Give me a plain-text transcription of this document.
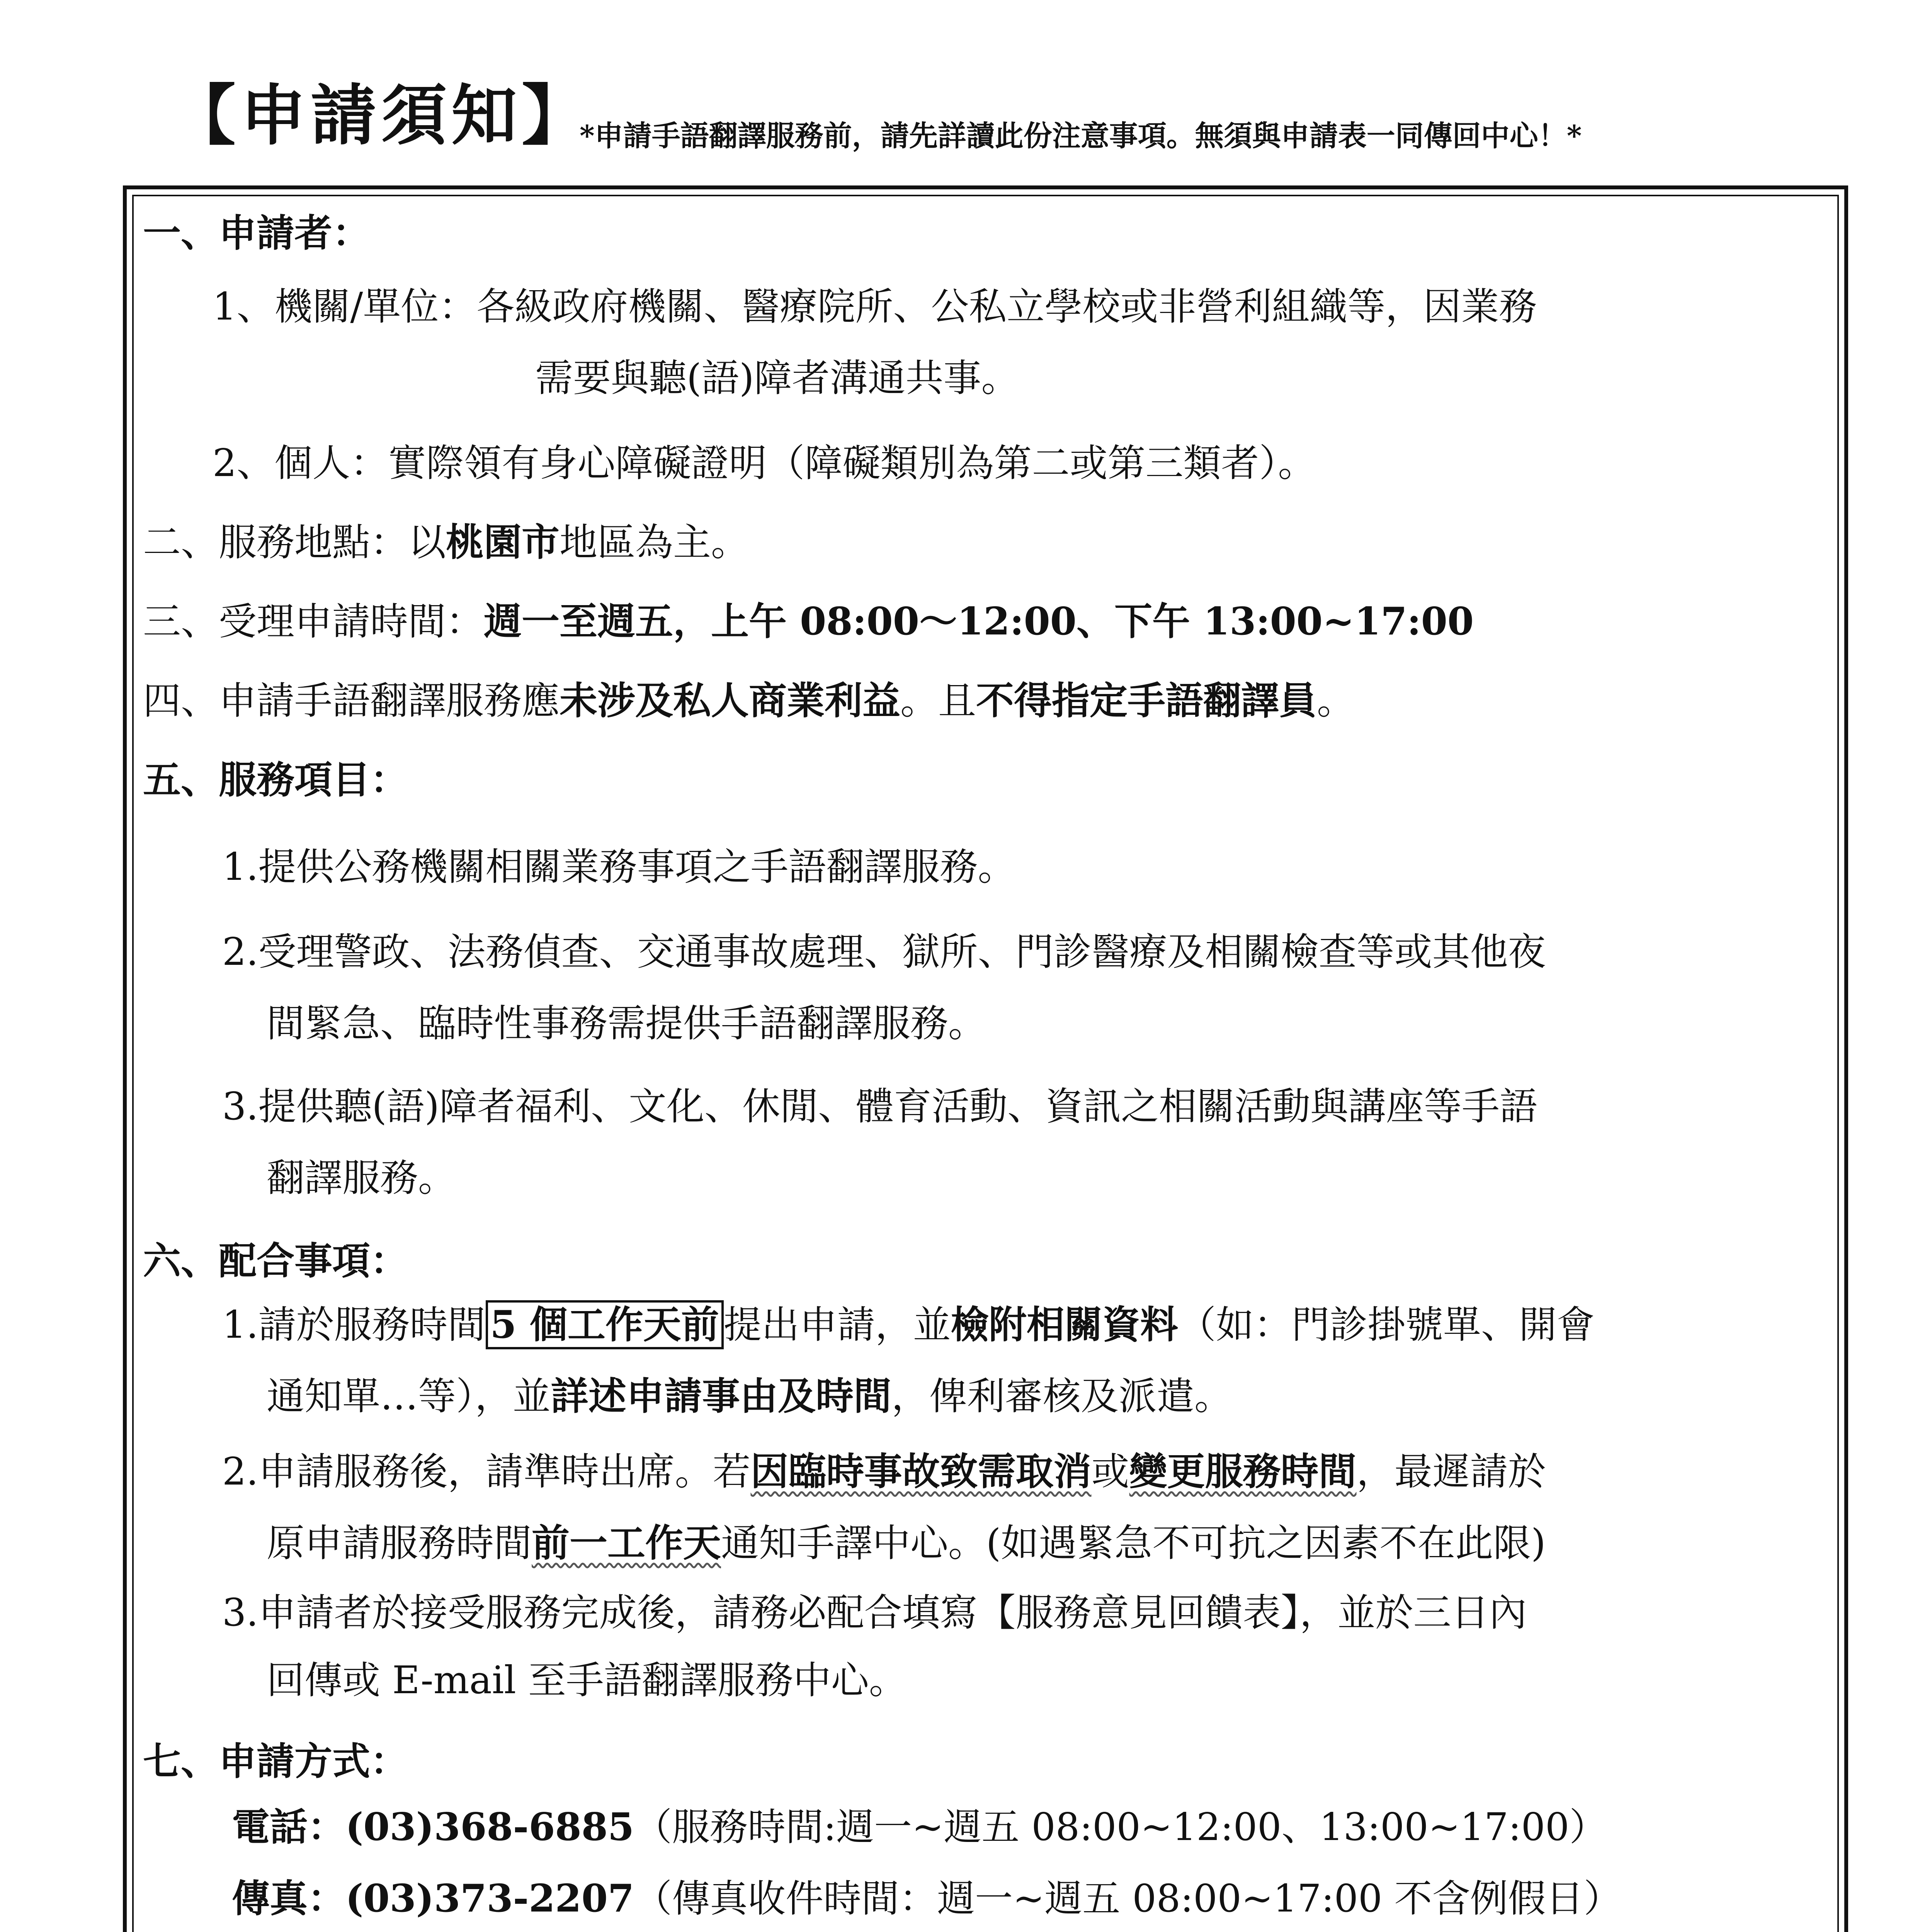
【申請須知】
*申請手語翻譯服務前，請先詳讀此份注意事項。無須與申請表一同傳回中心！*
一、申請者：
1、機關/單位：各級政府機關、醫療院所、公私立學校或非營利組織等，因業務
需要與聽(語)障者溝通共事。
2、個人：實際領有身心障礙證明（障礙類別為第二或第三類者）。
二、服務地點：以桃園市地區為主。
三、受理申請時間：週一至週五，上午 08:00～12:00、下午 13:00~17:00
四、申請手語翻譯服務應未涉及私人商業利益。且不得指定手語翻譯員。
五、服務項目：
1.提供公務機關相關業務事項之手語翻譯服務。
2.受理警政、法務偵查、交通事故處理、獄所、門診醫療及相關檢查等或其他夜
間緊急、臨時性事務需提供手語翻譯服務。
3.提供聽(語)障者福利、文化、休閒、體育活動、資訊之相關活動與講座等手語
翻譯服務。
六、配合事項：
1.請於服務時間 5 個工作天前 提出申請，並檢附相關資料（如：門診掛號單、開會
通知單…等），並詳述申請事由及時間，俾利審核及派遣。
2.申請服務後，請準時出席。若因臨時事故致需取消或變更服務時間，最遲請於
原申請服務時間前一工作天通知手譯中心。(如遇緊急不可抗之因素不在此限)
3.申請者於接受服務完成後，請務必配合填寫【服務意見回饋表】，並於三日內
回傳或 E-mail 至手語翻譯服務中心。
七、申請方式：
電話：(03)368-6885（服務時間:週一~週五 08:00~12:00、13:00~17:00）
傳真：(03)373-2207（傳真收件時間：週一~週五 08:00~17:00 不含例假日）
